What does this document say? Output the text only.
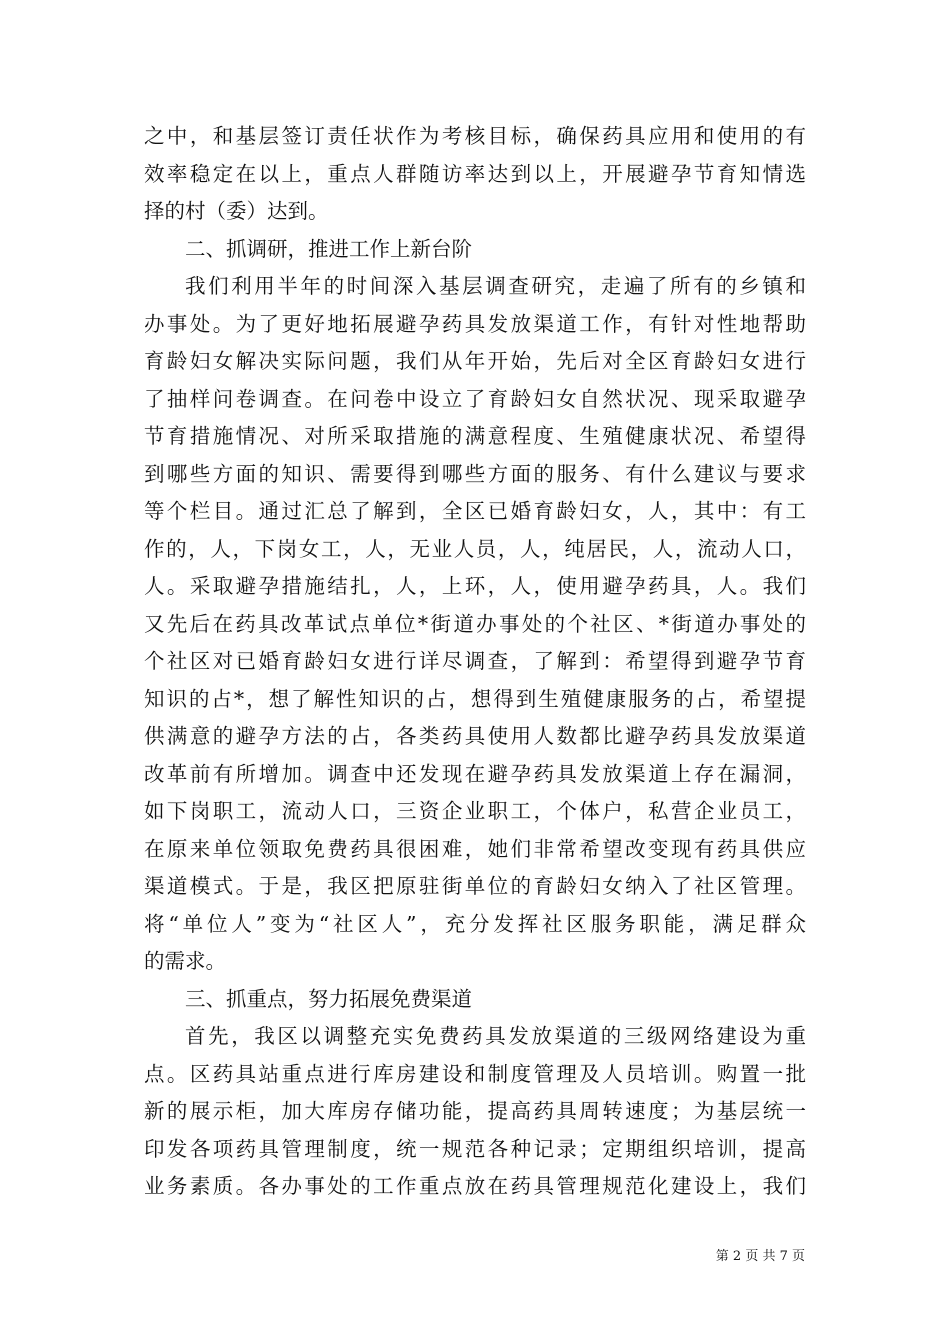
之中，和基层签订责任状作为考核目标，确保药具应用和使用的有
效率稳定在以上，重点人群随访率达到以上，开展避孕节育知情选
择的村（委）达到。
二、抓调研，推进工作上新台阶
我们利用半年的时间深入基层调查研究，走遍了所有的乡镇和
办事处。为了更好地拓展避孕药具发放渠道工作，有针对性地帮助
育龄妇女解决实际问题，我们从年开始，先后对全区育龄妇女进行
了抽样问卷调查。在问卷中设立了育龄妇女自然状况、现采取避孕
节育措施情况、对所采取措施的满意程度、生殖健康状况、希望得
到哪些方面的知识、需要得到哪些方面的服务、有什么建议与要求
等个栏目。通过汇总了解到，全区已婚育龄妇女，人，其中：有工
作的，人，下岗女工，人，无业人员，人，纯居民，人，流动人口，
人。采取避孕措施结扎，人，上环，人，使用避孕药具，人。我们
又先后在药具改革试点单位*街道办事处的个社区、*街道办事处的
个社区对已婚育龄妇女进行详尽调查，了解到：希望得到避孕节育
知识的占*，想了解性知识的占，想得到生殖健康服务的占，希望提
供满意的避孕方法的占，各类药具使用人数都比避孕药具发放渠道
改革前有所增加。调查中还发现在避孕药具发放渠道上存在漏洞，
如下岗职工，流动人口，三资企业职工，个体户，私营企业员工，
在原来单位领取免费药具很困难，她们非常希望改变现有药具供应
渠道模式。于是，我区把原驻街单位的育龄妇女纳入了社区管理。
将“单位人”变为“社区人”，充分发挥社区服务职能，满足群众
的需求。
三、抓重点，努力拓展免费渠道
首先，我区以调整充实免费药具发放渠道的三级网络建设为重
点。区药具站重点进行库房建设和制度管理及人员培训。购置一批
新的展示柜，加大库房存储功能，提高药具周转速度；为基层统一
印发各项药具管理制度，统一规范各种记录；定期组织培训，提高
业务素质。各办事处的工作重点放在药具管理规范化建设上，我们
第 2 页 共 7 页
